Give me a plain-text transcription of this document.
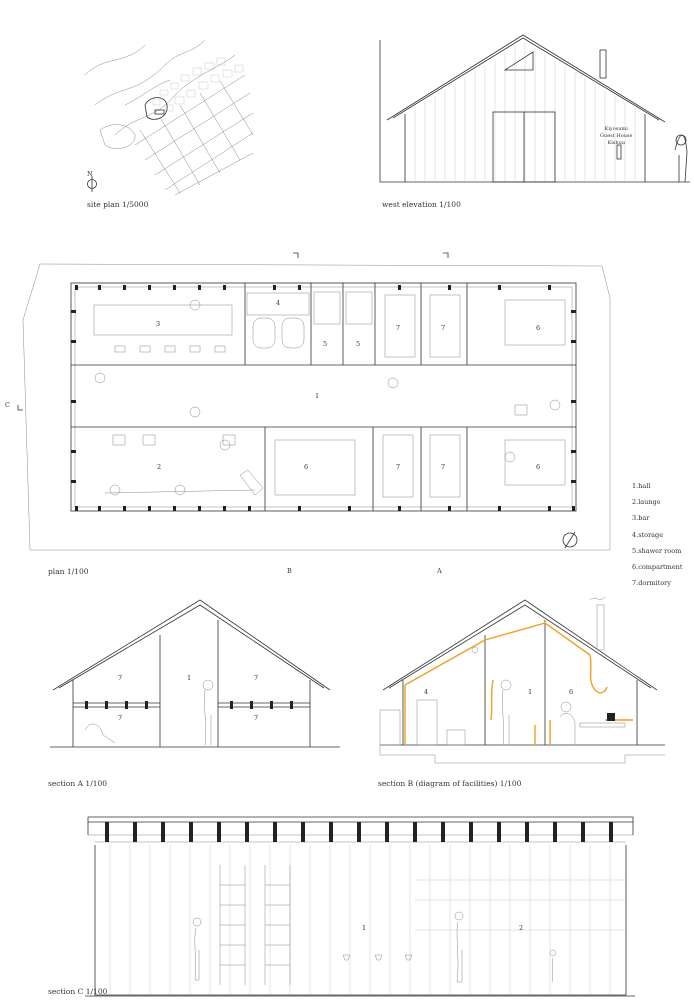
N
site plan 1/5000
Kiyosumi
Guest House
Kishuu
west elevation 1/100
1
2
3
4
5	5
7	7	6
6	7	7	6
C
B	A
plan 1/100
1.hall
2.launge
3.bar
4.storage
5.shawer room
6.compartment
7.dormitory
7	1	7
7	7
section A 1/100
4	1	6
section B (diagram of facilities) 1/100
1	2
section C 1/100
